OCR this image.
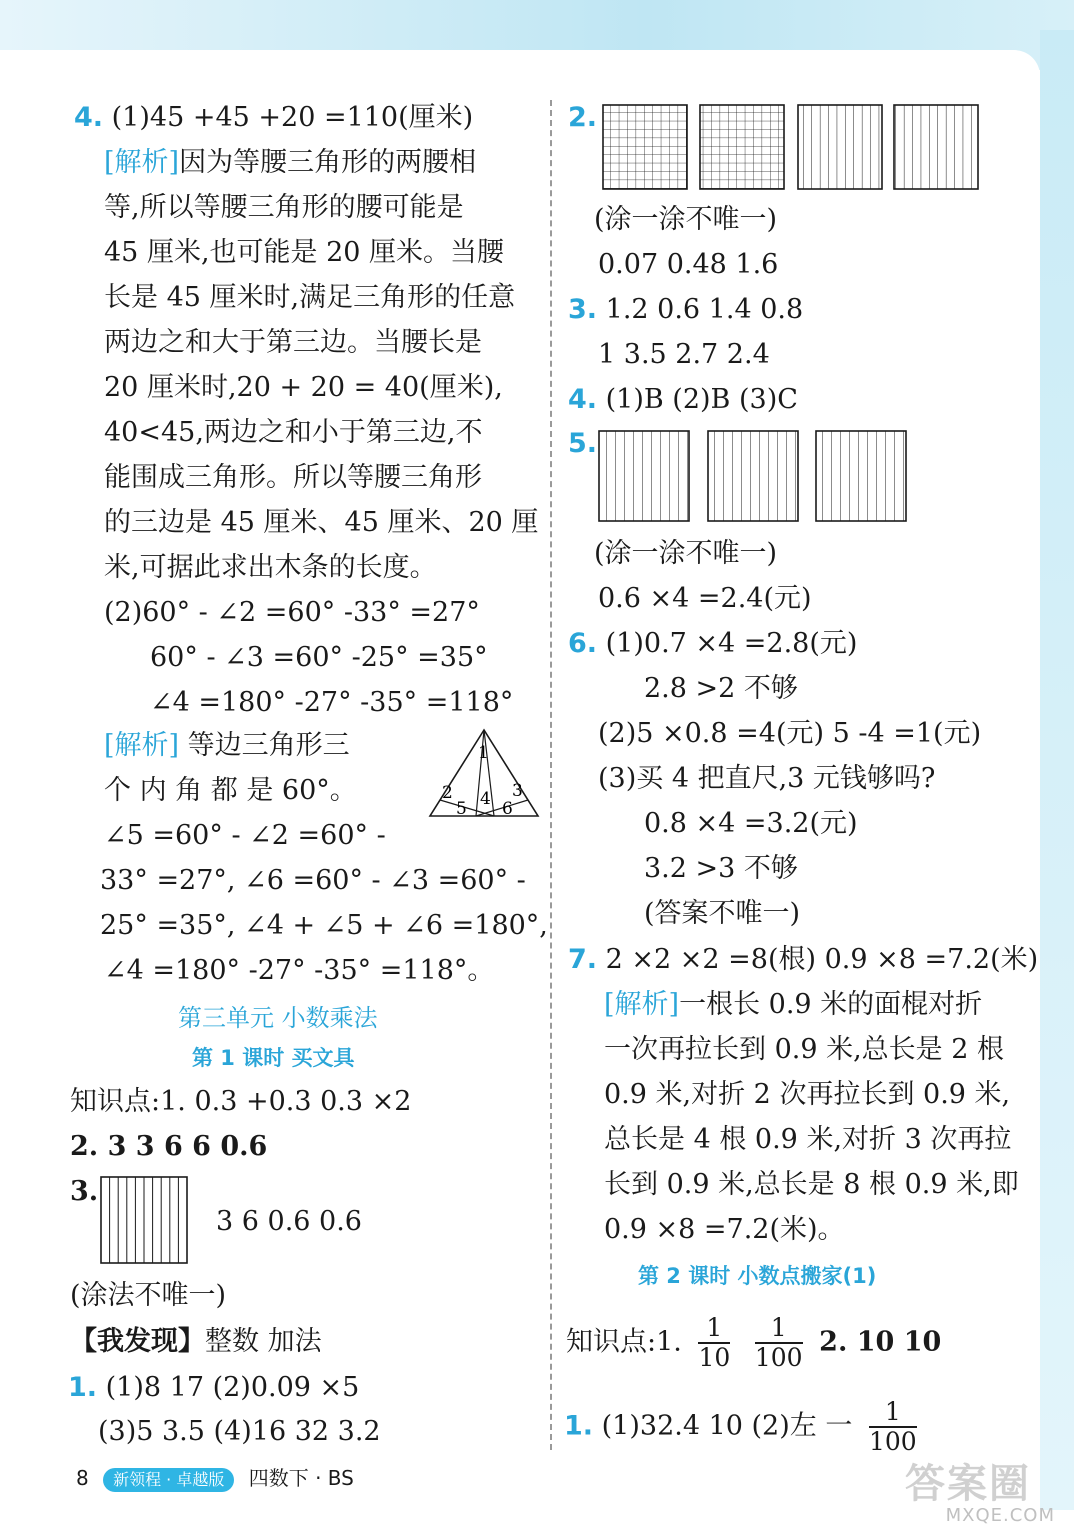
4. (1)45 +45 +20 =110(厘米)
[解析]因为等腰三角形的两腰相
等,所以等腰三角形的腰可能是
45 厘米,也可能是 20 厘米。当腰
长是 45 厘米时,满足三角形的任意
两边之和大于第三边。当腰长是
20 厘米时,20 + 20 = 40(厘米),
40<45,两边之和小于第三边,不
能围成三角形。所以等腰三角形
的三边是 45 厘米、45 厘米、20 厘
米,可据此求出木条的长度。
(2)60° - ∠2 =60° -33° =27°
60° - ∠3 =60° -25° =35°
∠4 =180° -27° -35° =118°
[解析] 等边三角形三
个 内 角 都 是 60°。
1
2	3
4
5 6
∠5 =60° - ∠2 =60° -
33° =27°, ∠6 =60° - ∠3 =60° -
25° =35°, ∠4 + ∠5 + ∠6 =180°,
∠4 =180° -27° -35° =118°。
第三单元 小数乘法
第 1 课时 买文具
知识点:1. 0.3 +0.3 0.3 ×2
2. 3 3 6 6 0.6
3.
3 6 0.6 0.6
(涂法不唯一)
【我发现】整数 加法
1. (1)8 17 (2)0.09 ×5
(3)5 3.5 (4)16 32 3.2
2.
(涂一涂不唯一)
0.07 0.48 1.6
3. 1.2 0.6 1.4 0.8
1 3.5 2.7 2.4
4. (1)B (2)B (3)C
5.
(涂一涂不唯一)
0.6 ×4 =2.4(元)
6. (1)0.7 ×4 =2.8(元)
2.8 >2 不够
(2)5 ×0.8 =4(元) 5 -4 =1(元)
(3)买 4 把直尺,3 元钱够吗?
0.8 ×4 =3.2(元)
3.2 >3 不够
(答案不唯一)
7. 2 ×2 ×2 =8(根) 0.9 ×8 =7.2(米)
[解析]一根长 0.9 米的面棍对折
一次再拉长到 0.9 米,总长是 2 根
0.9 米,对折 2 次再拉长到 0.9 米,
总长是 4 根 0.9 米,对折 3 次再拉
长到 0.9 米,总长是 8 根 0.9 米,即
0.9 ×8 =7.2(米)。
第 2 课时 小数点搬家(1)
知识点:1. $\frac{1}{10}$
$\frac{1}{100} 2$. 10 10
1. (1)32.4 10 (2)左 一 $\frac{1}{100}$
8 新领程 · 卓越版 四数下 · BS	答案圈
MXQE.COM
